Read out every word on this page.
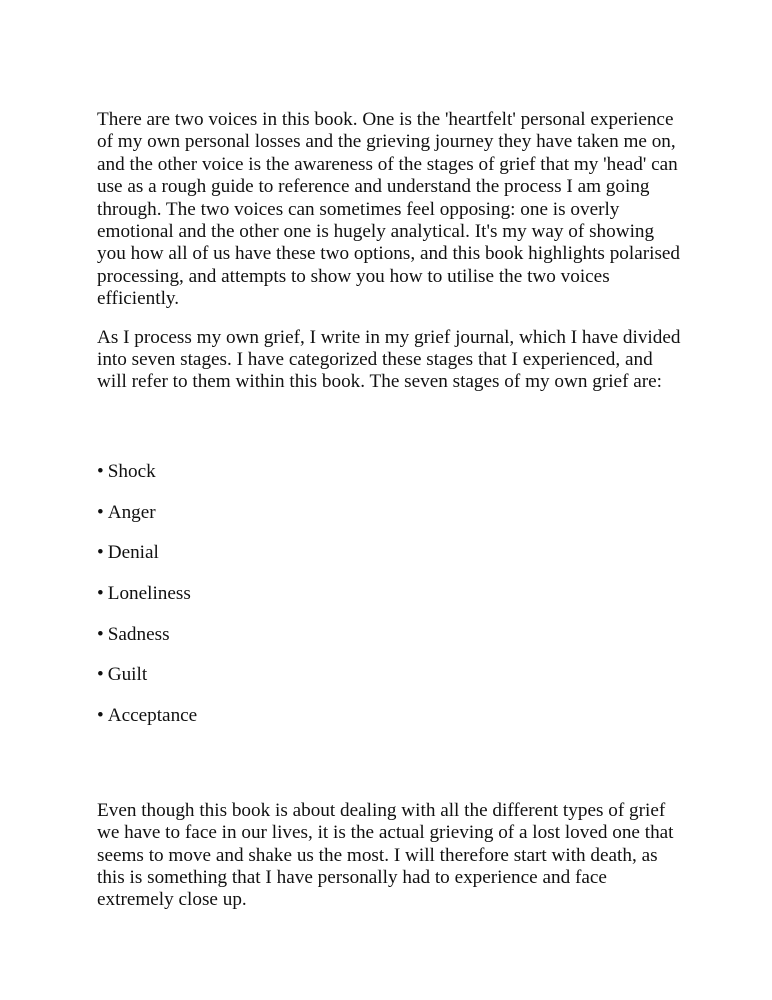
There are two voices in this book. One is the 'heartfelt' personal experience of my own personal losses and the grieving journey they have taken me on, and the other voice is the awareness of the stages of grief that my 'head' can use as a rough guide to reference and understand the process I am going through. The two voices can sometimes feel opposing: one is overly emotional and the other one is hugely analytical. It's my way of showing you how all of us have these two options, and this book highlights polarised processing, and attempts to show you how to utilise the two voices efficiently.

As I process my own grief, I write in my grief journal, which I have divided into seven stages. I have categorized these stages that I experienced, and will refer to them within this book. The seven stages of my own grief are:

• Shock
• Anger
• Denial
• Loneliness
• Sadness
• Guilt
• Acceptance

Even though this book is about dealing with all the different types of grief we have to face in our lives, it is the actual grieving of a lost loved one that seems to move and shake us the most. I will therefore start with death, as this is something that I have personally had to experience and face extremely close up.
